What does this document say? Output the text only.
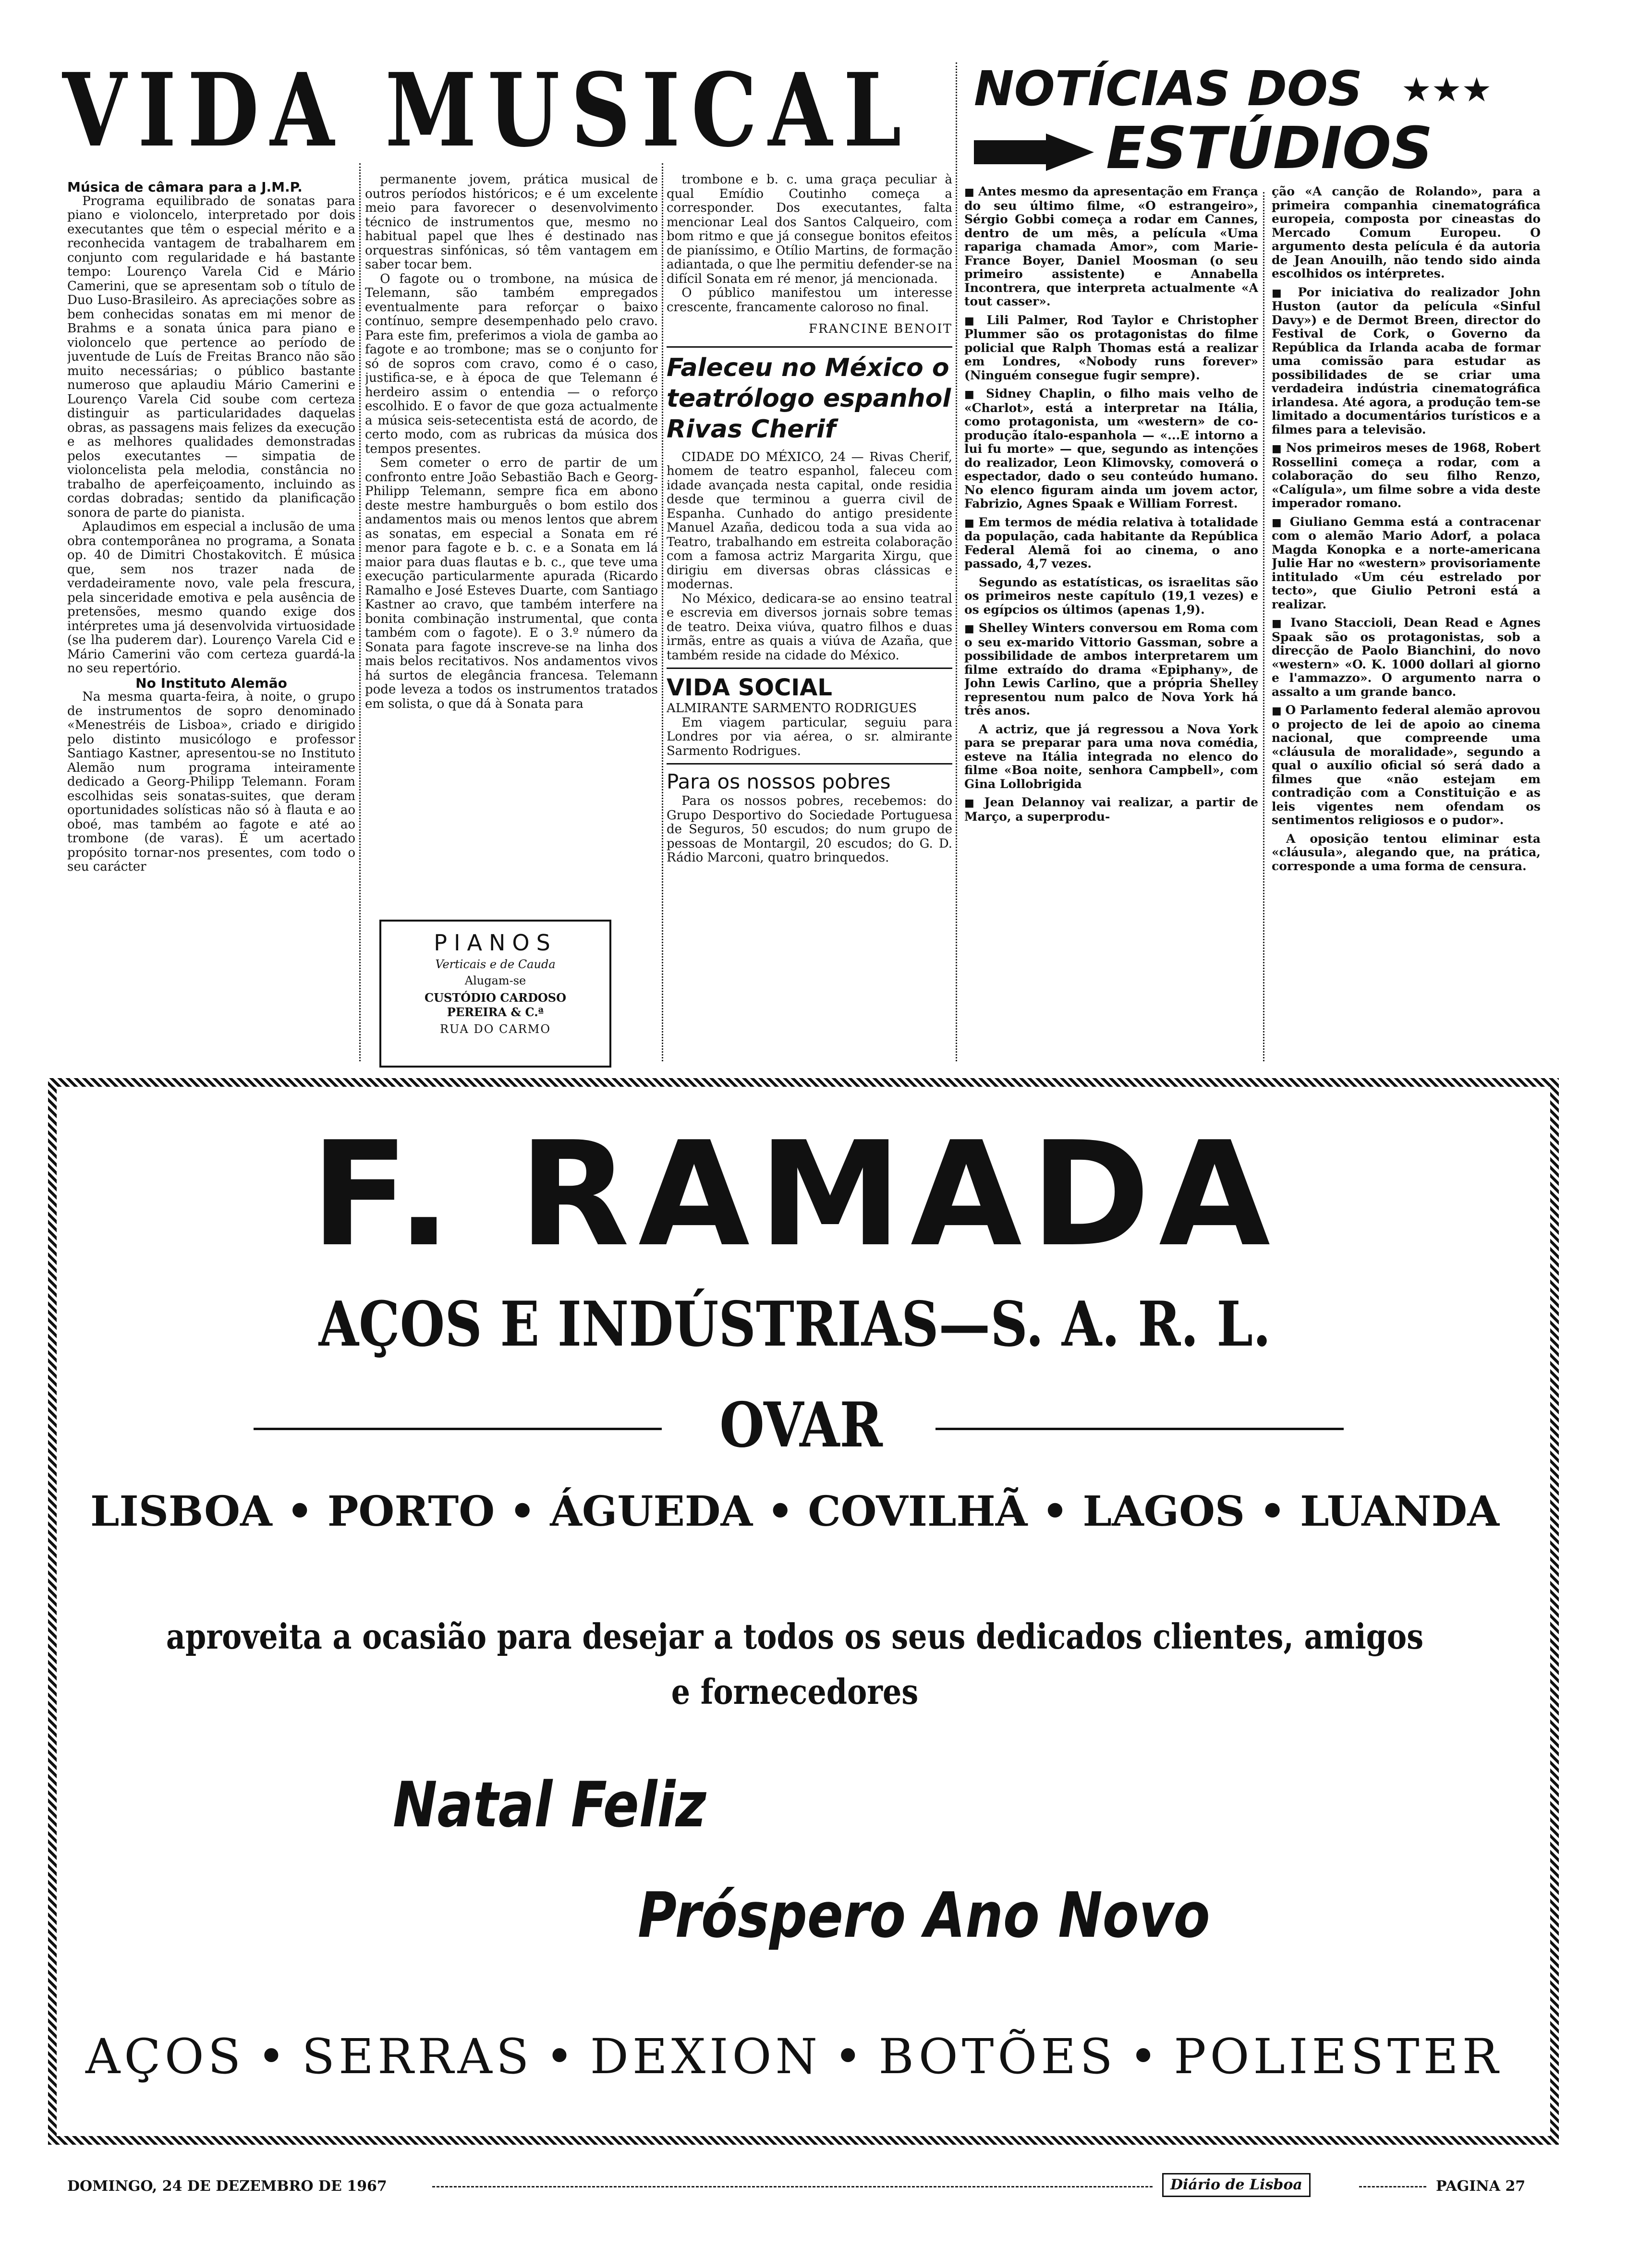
VIDA MUSICAL NOTÍCIAS DOS ★★★
ESTÚDIOS

Música de câmara para a J.M.P.

Programa equilibrado de sonatas para piano e violoncelo, interpretado por dois executantes que têm o especial mérito e a reconhecida vantagem de trabalharem em conjunto com regularidade e há bastante tempo: Lourenço Varela Cid e Mário Camerini, que se apresentam sob o título de Duo Luso-Brasileiro. As apreciações sobre as bem conhecidas sonatas em mi menor de Brahms e a sonata única para piano e violoncelo que pertence ao período de juventude de Luís de Freitas Branco não são muito necessárias; o público bastante numeroso que aplaudiu Mário Camerini e Lourenço Varela Cid soube com certeza distinguir as particularidades daquelas obras, as passagens mais felizes da execução e as melhores qualidades demonstradas pelos executantes — simpatia de violoncelista pela melodia, constância no trabalho de aperfeiçoamento, incluindo as cordas dobradas; sentido da planificação sonora de parte do pianista.

Aplaudimos em especial a inclusão de uma obra contemporânea no programa, a Sonata op. 40 de Dimitri Chostakovitch. É música que, sem nos trazer nada de verdadeiramente novo, vale pela frescura, pela sinceridade emotiva e pela ausência de pretensões, mesmo quando exige dos intérpretes uma já desenvolvida virtuosidade (se lha puderem dar). Lourenço Varela Cid e Mário Camerini vão com certeza guardá-la no seu repertório.

No Instituto Alemão

Na mesma quarta-feira, à noite, o grupo de instrumentos de sopro denominado «Menestréis de Lisboa», criado e dirigido pelo distinto musicólogo e professor Santiago Kastner, apresentou-se no Instituto Alemão num programa inteiramente dedicado a Georg-Philipp Telemann. Foram escolhidas seis sonatas-suites, que deram oportunidades solísticas não só à flauta e ao oboé, mas também ao fagote e até ao trombone (de varas). É um acertado propósito tornar-nos presentes, com todo o seu carácter

permanente jovem, prática musical de outros períodos históricos; e é um excelente meio para favorecer o desenvolvimento técnico de instrumentos que, mesmo no habitual papel que lhes é destinado nas orquestras sinfónicas, só têm vantagem em saber tocar bem.

O fagote ou o trombone, na música de Telemann, são também empregados eventualmente para reforçar o baixo contínuo, sempre desempenhado pelo cravo. Para este fim, preferimos a viola de gamba ao fagote e ao trombone; mas se o conjunto for só de sopros com cravo, como é o caso, justifica-se, e à época de que Telemann é herdeiro assim o entendia — o reforço escolhido. E o favor de que goza actualmente a música seis-setecentista está de acordo, de certo modo, com as rubricas da música dos tempos presentes.

Sem cometer o erro de partir de um confronto entre João Sebastião Bach e Georg-Philipp Telemann, sempre fica em abono deste mestre hamburguês o bom estilo dos andamentos mais ou menos lentos que abrem as sonatas, em especial a Sonata em ré menor para fagote e b. c. e a Sonata em lá maior para duas flautas e b. c., que teve uma execução particularmente apurada (Ricardo Ramalho e José Esteves Duarte, com Santiago Kastner ao cravo, que também interfere na bonita combinação instrumental, que conta também com o fagote). E o 3.º número da Sonata para fagote inscreve-se na linha dos mais belos recitativos. Nos andamentos vivos há surtos de elegância francesa. Telemann pode leveza a todos os instrumentos tratados em solista, o que dá à Sonata para

PIANOS
Verticais e de Cauda
Alugam-se
CUSTÓDIO CARDOSO
PEREIRA & C.ª
RUA DO CARMO

trombone e b. c. uma graça peculiar à qual Emídio Coutinho começa a corresponder. Dos executantes, falta mencionar Leal dos Santos Calqueiro, com bom ritmo e que já consegue bonitos efeitos de pianíssimo, e Otílio Martins, de formação adiantada, o que lhe permitiu defender-se na difícil Sonata em ré menor, já mencionada.

O público manifestou um interesse crescente, francamente caloroso no final.

FRANCINE BENOIT

Faleceu no México o teatrólogo espanhol Rivas Cherif

CIDADE DO MÉXICO, 24 — Rivas Cherif, homem de teatro espanhol, faleceu com idade avançada nesta capital, onde residia desde que terminou a guerra civil de Espanha. Cunhado do antigo presidente Manuel Azaña, dedicou toda a sua vida ao Teatro, trabalhando em estreita colaboração com a famosa actriz Margarita Xirgu, que dirigiu em diversas obras clássicas e modernas.

No México, dedicara-se ao ensino teatral e escrevia em diversos jornais sobre temas de teatro. Deixa viúva, quatro filhos e duas irmãs, entre as quais a viúva de Azaña, que também reside na cidade do México.

VIDA SOCIAL

ALMIRANTE SARMENTO RODRIGUES

Em viagem particular, seguiu para Londres por via aérea, o sr. almirante Sarmento Rodrigues.

Para os nossos pobres

Para os nossos pobres, recebemos: do Grupo Desportivo do Sociedade Portuguesa de Seguros, 50 escudos; do num grupo de pessoas de Montargil, 20 escudos; do G. D. Rádio Marconi, quatro brinquedos.

■ Antes mesmo da apresentação em França do seu último filme, «O estrangeiro», Sérgio Gobbi começa a rodar em Cannes, dentro de um mês, a película «Uma rapariga chamada Amor», com Marie-France Boyer, Daniel Moosman (o seu primeiro assistente) e Annabella Incontrera, que interpreta actualmente «A tout casser».

■ Lili Palmer, Rod Taylor e Christopher Plummer são os protagonistas do filme policial que Ralph Thomas está a realizar em Londres, «Nobody runs forever» (Ninguém consegue fugir sempre).

■ Sidney Chaplin, o filho mais velho de «Charlot», está a interpretar na Itália, como protagonista, um «western» de co-produção ítalo-espanhola — «...E intorno a lui fu morte» — que, segundo as intenções do realizador, Leon Klimovsky, comoverá o espectador, dado o seu conteúdo humano. No elenco figuram ainda um jovem actor, Fabrizio, Agnes Spaak e William Forrest.

■ Em termos de média relativa à totalidade da população, cada habitante da República Federal Alemã foi ao cinema, o ano passado, 4,7 vezes.

Segundo as estatísticas, os israelitas são os primeiros neste capítulo (19,1 vezes) e os egípcios os últimos (apenas 1,9).

■ Shelley Winters conversou em Roma com o seu ex-marido Vittorio Gassman, sobre a possibilidade de ambos interpretarem um filme extraído do drama «Epiphany», de John Lewis Carlino, que a própria Shelley representou num palco de Nova York há três anos.

A actriz, que já regressou a Nova York para se preparar para uma nova comédia, esteve na Itália integrada no elenco do filme «Boa noite, senhora Campbell», com Gina Lollobrigida

■ Jean Delannoy vai realizar, a partir de Março, a superprodu-

ção «A canção de Rolando», para a primeira companhia cinematográfica europeia, composta por cineastas do Mercado Comum Europeu. O argumento desta película é da autoria de Jean Anouilh, não tendo sido ainda escolhidos os intérpretes.

■ Por iniciativa do realizador John Huston (autor da película «Sinful Davy») e de Dermot Breen, director do Festival de Cork, o Governo da República da Irlanda acaba de formar uma comissão para estudar as possibilidades de se criar uma verdadeira indústria cinematográfica irlandesa. Até agora, a produção tem-se limitado a documentários turísticos e a filmes para a televisão.

■ Nos primeiros meses de 1968, Robert Rossellini começa a rodar, com a colaboração do seu filho Renzo, «Calígula», um filme sobre a vida deste imperador romano.

■ Giuliano Gemma está a contracenar com o alemão Mario Adorf, a polaca Magda Konopka e a norte-americana Julie Har no «western» provisoriamente intitulado «Um céu estrelado por tecto», que Giulio Petroni está a realizar.

■ Ivano Staccioli, Dean Read e Agnes Spaak são os protagonistas, sob a direcção de Paolo Bianchini, do novo «western» «O. K. 1000 dollari al giorno e l'ammazzo». O argumento narra o assalto a um grande banco.

■ O Parlamento federal alemão aprovou o projecto de lei de apoio ao cinema nacional, que compreende uma «cláusula de moralidade», segundo a qual o auxílio oficial só será dado a filmes que «não estejam em contradição com a Constituição e as leis vigentes nem ofendam os sentimentos religiosos e o pudor».

A oposição tentou eliminar esta «cláusula», alegando que, na prática, corresponde a uma forma de censura.

F. RAMADA
AÇOS E INDÚSTRIAS—S. A. R. L.
OVAR
LISBOA • PORTO • ÁGUEDA • COVILHÃ • LAGOS • LUANDA
aproveita a ocasião para desejar a todos os seus dedicados clientes, amigos
e fornecedores
Natal Feliz
Próspero Ano Novo
AÇOS • SERRAS • DEXION • BOTÕES • POLIESTER
DOMINGO, 24 DE DEZEMBRO DE 1967	Diário de Lisboa	PAGINA 27
